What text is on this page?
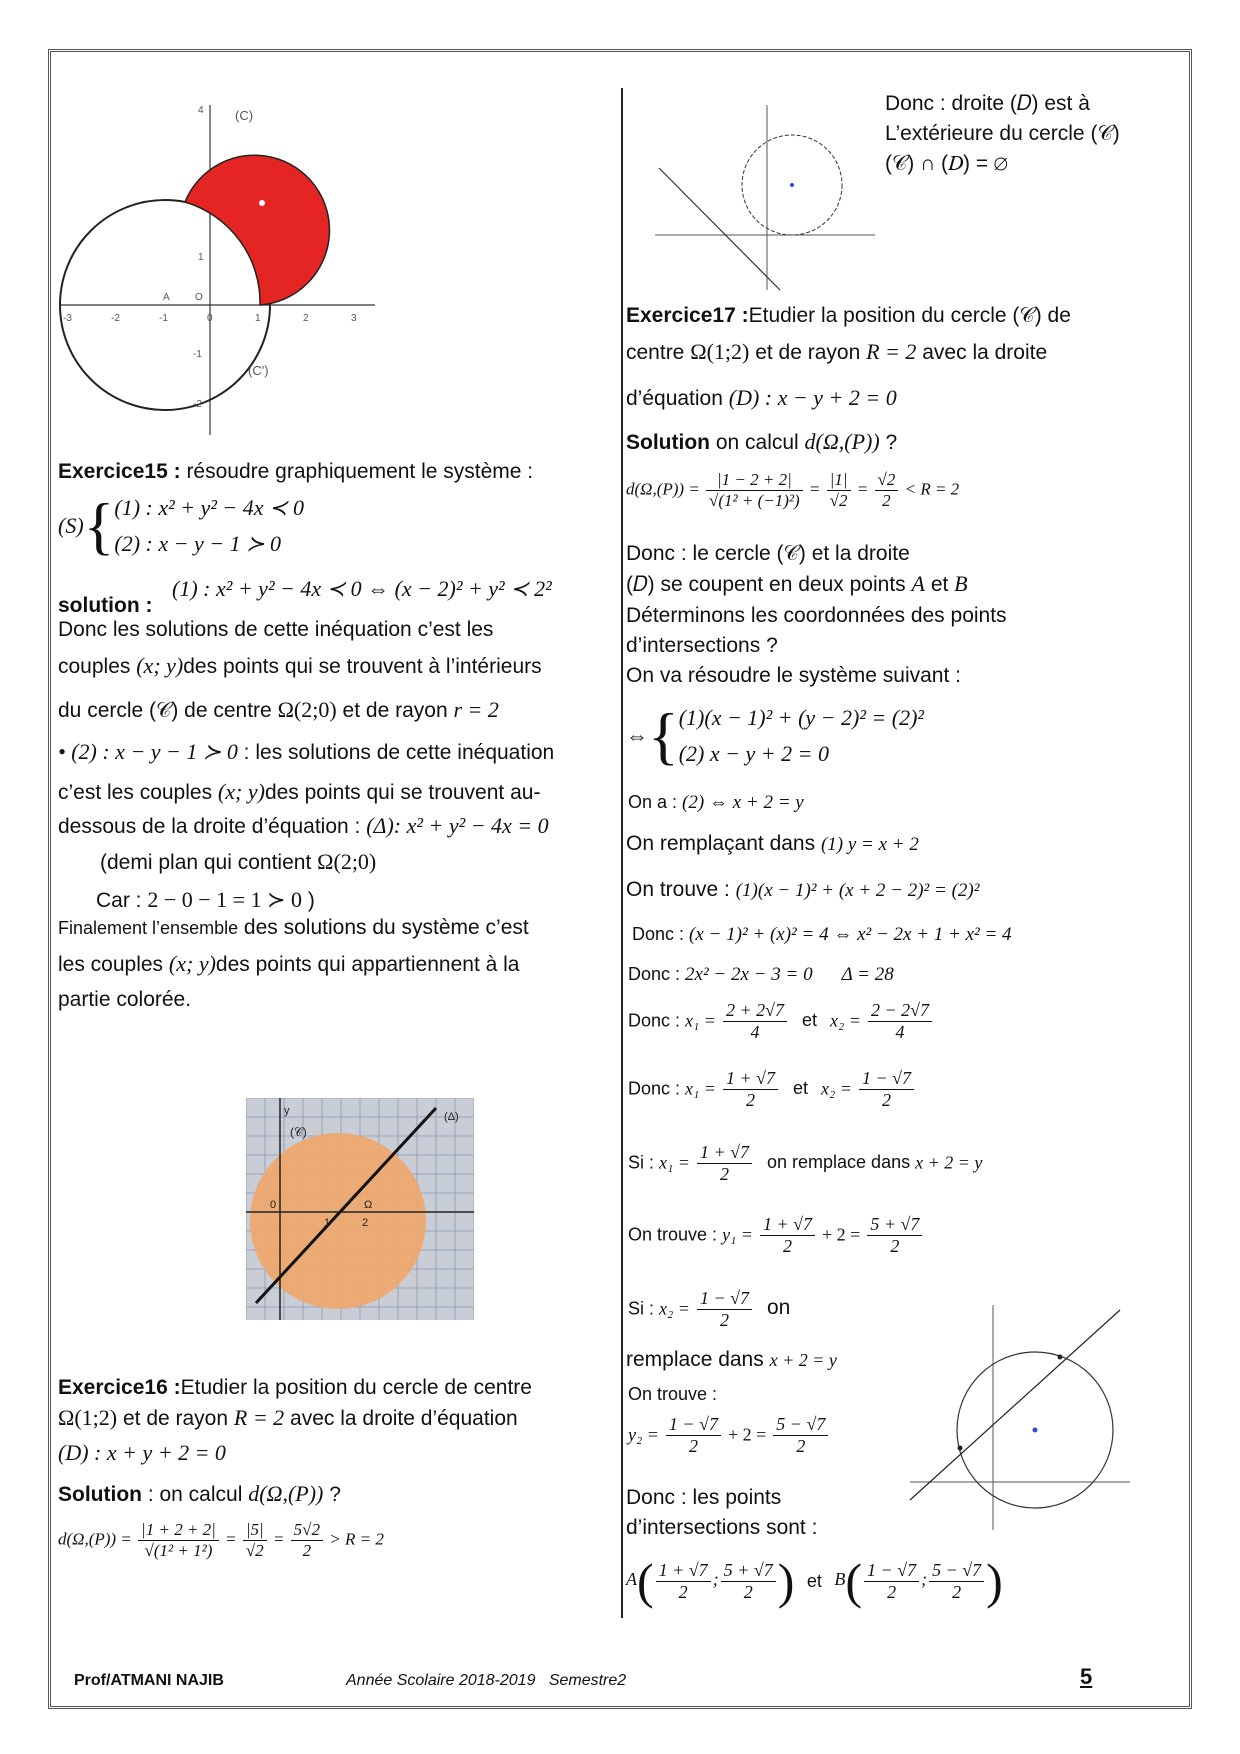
(C)
(C')
A	O
4
-3	-2	-1	0	1	2	3
1
-1
-2
Exercice15 : résoudre graphiquement le système :
(S){ (1) : x² + y² − 4x ≺ 0
(2) : x − y − 1 ≻ 0
(1) : x² + y² − 4x ≺ 0 ⇔ (x − 2)² + y² ≺ 2²
solution :
Donc les solutions de cette inéquation c’est les
couples (x; y)des points qui se trouvent à l’intérieurs
du cercle (𝒞) de centre Ω(2;0) et de rayon r = 2
• (2) : x − y − 1 ≻ 0 : les solutions de cette inéquation
c’est les couples (x; y)des points qui se trouvent au-
dessous de la droite d’équation : (Δ): x² + y² − 4x = 0
(demi plan qui contient Ω(2;0)
Car : 2 − 0 − 1 = 1 ≻ 0 )
Finalement l’ensemble des solutions du système c’est
les couples (x; y)des points qui appartiennent à la
partie colorée.
(𝒞)
(Δ)
0	Ω
1	2
y
Exercice16 :Etudier la position du cercle de centre
Ω(1;2) et de rayon R = 2 avec la droite d’équation
(D) : x + y + 2 = 0
Solution : on calcul d(Ω,(P)) ?
$d(\Omega,(P)) = \frac{|1 + 2 + 2|}{\text{√(1² + 1²)}} = \frac{|5|}{√2} = \frac{5√2}{2} > R = 2$
Donc : droite (𝐷) est à
L’extérieure du cercle (𝒞)
(𝒞) ∩ (𝐷) = ∅
Exercice17 :Etudier la position du cercle (𝒞) de
centre Ω(1;2) et de rayon R = 2 avec la droite
d’équation (D) : x − y + 2 = 0
Solution on calcul d(Ω,(P)) ?
$d(\Omega,(P)) = \frac{|1 - 2 + 2|}{\text{√(1² + (−1)²)}} = \frac{|1|}{√2} = \frac{√2}{2} < R = 2$
Donc : le cercle (𝒞) et la droite
(𝐷) se coupent en deux points A et B
Déterminons les coordonnées des points
d’intersections ?
On va résoudre le système suivant :
⇔{ (1)(x − 1)² + (y − 2)² = (2)²
(2) x − y + 2 = 0
On a : (2) ⇔ x + 2 = y
On remplaçant dans (1) y = x + 2
On trouve : (1)(x − 1)² + (x + 2 − 2)² = (2)²
Donc : (x − 1)² + (x)² = 4 ⇔ x² − 2x + 1 + x² = 4
Donc : 2x² − 2x − 3 = 0 Δ = 28
Donc : $x_1 = \frac{2 + 2√7}{4}$ et $x_2 = \frac{2 - 2√7}{4}$
Donc : $x_1 = \frac{1 + √7}{2}$ et $x_2 = \frac{1 - √7}{2}$
Si : $x_1 = \frac{1 + √7}{2}$ on remplace dans x + 2 = y
On trouve : $y_1 = \frac{1 + √7}{2} + 2 = \frac{5 + √7}{2}$
Si : $x_2 = \frac{1 - √7}{2}$ on
remplace dans x + 2 = y
On trouve :
$y_2 = \frac{1 - √7}{2} + 2 = \frac{5 - √7}{2}$
Donc : les points
d’intersections sont :
$A( \frac{1 + √7}{2}$ ; $\frac{5 + √7}{2}$ ) et $B( \frac{1 - √7}{2}$ ; $\frac{5 - √7}{2}$ )
Prof/ATMANI NAJIB	Année Scolaire 2018-2019   Semestre2	5
